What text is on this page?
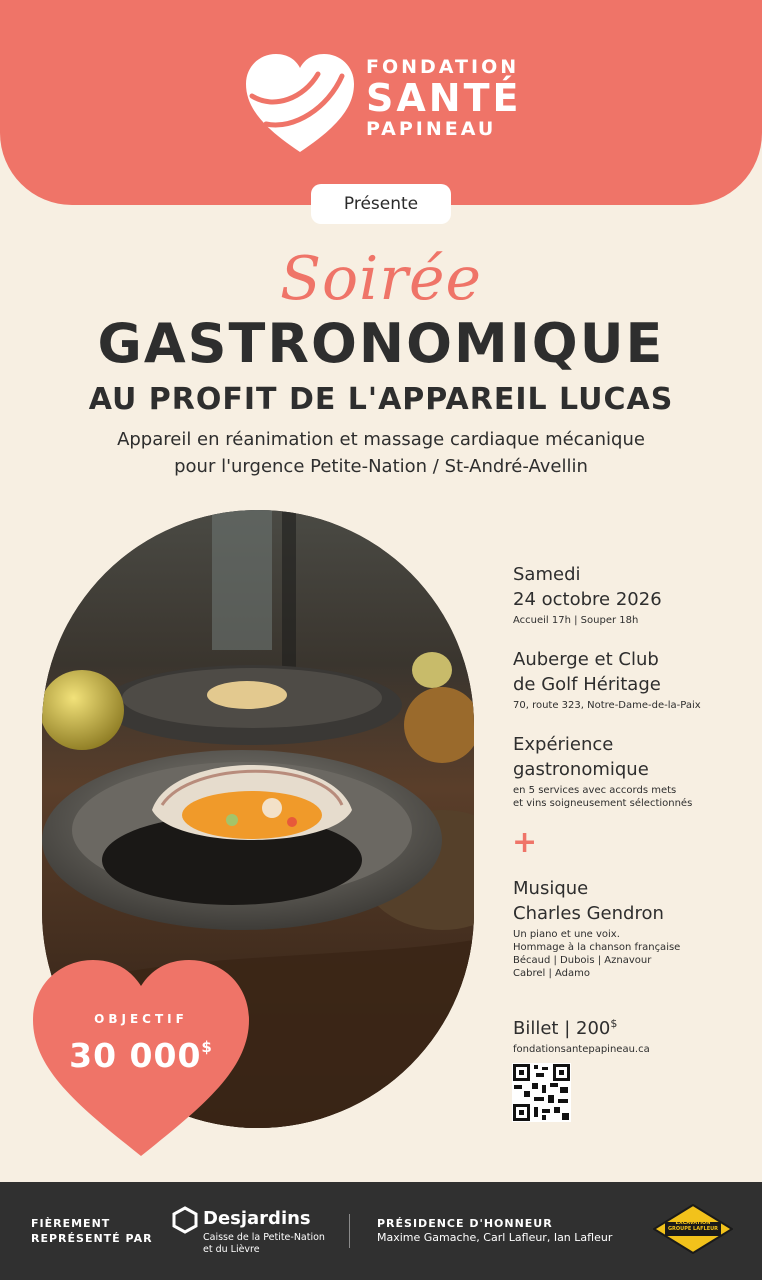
FONDATION
SANTÉ
PAPINEAU
Présente
Soirée
GASTRONOMIQUE
AU PROFIT DE L'APPAREIL LUCAS
Appareil en réanimation et massage cardiaque mécanique
pour l'urgence Petite-Nation / St-André-Avellin
OBJECTIF
30 000$
Samedi
24 octobre 2026
Accueil 17h | Souper 18h
Auberge et Club
de Golf Héritage
70, route 323, Notre-Dame-de-la-Paix
Expérience
gastronomique
en 5 services avec accords mets
et vins soigneusement sélectionnés
+
Musique
Charles Gendron
Un piano et une voix.
Hommage à la chanson française
Bécaud | Dubois | Aznavour
Cabrel | Adamo
Billet | 200$
fondationsantepapineau.ca
FIÈREMENT
REPRÉSENTÉ PAR
Desjardins
Caisse de la Petite-Nation
et du Lièvre
PRÉSIDENCE D'HONNEUR
Maxime Gamache, Carl Lafleur, Ian Lafleur
EXCAVATION GROUPE LAFLEUR
